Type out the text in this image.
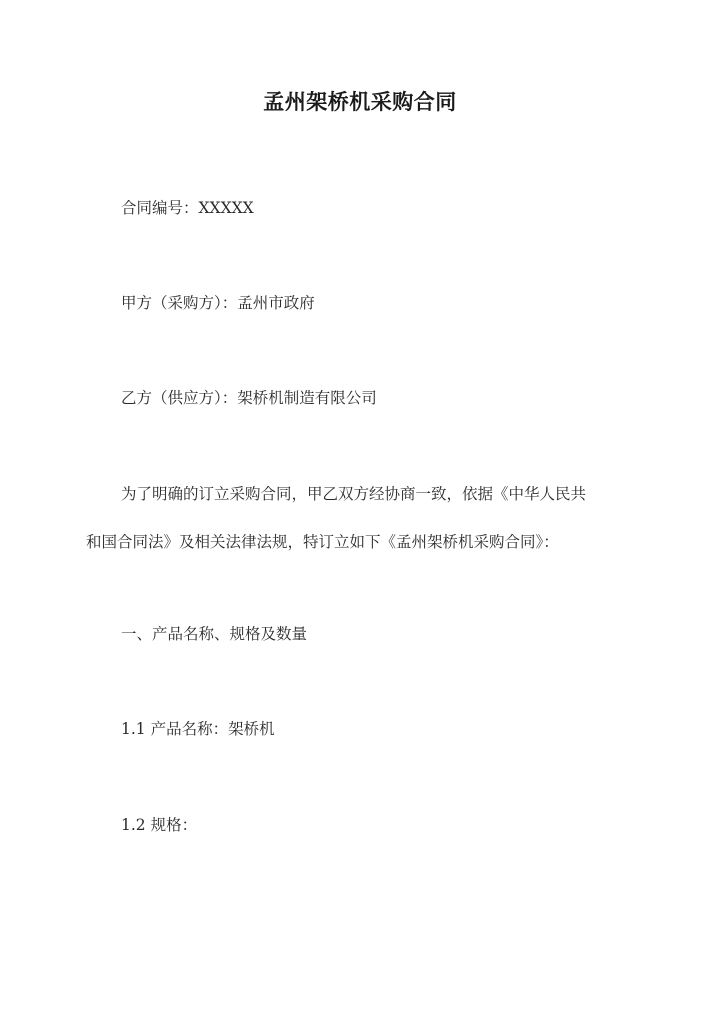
孟州架桥机采购合同
合同编号：XXXXX
甲方（采购方）：孟州市政府
乙方（供应方）：架桥机制造有限公司
为了明确的订立采购合同，甲乙双方经协商一致，依据《中华人民共
和国合同法》及相关法律法规，特订立如下《孟州架桥机采购合同》：
一、产品名称、规格及数量
1.1 产品名称：架桥机
1.2 规格：
